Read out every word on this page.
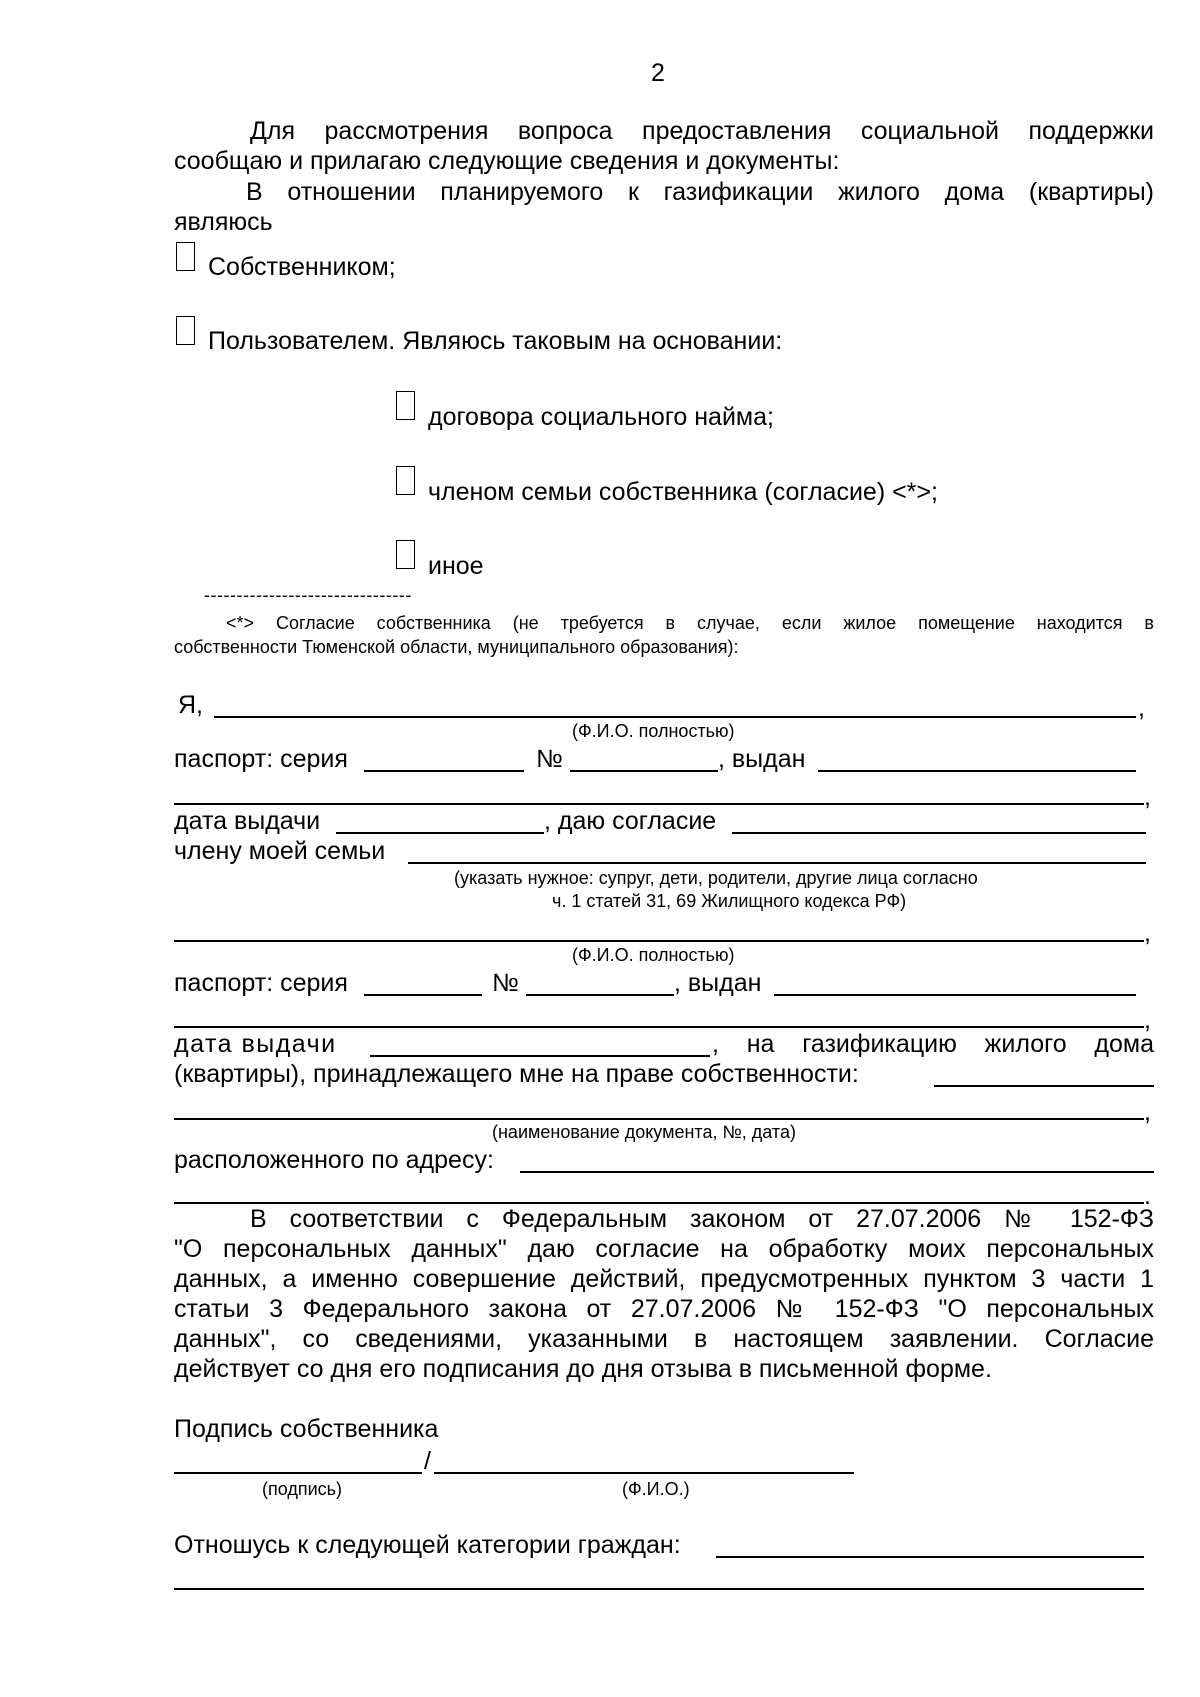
2
Для рассмотрения вопроса предоставления социальной поддержки
сообщаю и прилагаю следующие сведения и документы:
В отношении планируемого к газификации жилого дома (квартиры)
являюсь
Собственником;
Пользователем. Являюсь таковым на основании:
договора социального найма;
членом семьи собственника (согласие) <*>;
иное
--------------------------------
<*> Согласие собственника (не требуется в случае, если жилое помещение находится в
собственности Тюменской области, муниципального образования):
Я,	,
(Ф.И.О. полностью)
паспорт: серия	№	, выдан
,
дата выдачи	, даю согласие
члену моей семьи
(указать нужное: супруг, дети, родители, другие лица согласно
ч. 1 статей 31, 69 Жилищного кодекса РФ)
,
(Ф.И.О. полностью)
паспорт: серия	№	, выдан
,
дата выдачи	, на газификацию жилого дома
(квартиры), принадлежащего мне на праве собственности:
,
(наименование документа, №, дата)
расположенного по адресу:
.
В соответствии с Федеральным законом от 27.07.2006 № 152-ФЗ
"О персональных данных" даю согласие на обработку моих персональных
данных, а именно совершение действий, предусмотренных пунктом 3 части 1
статьи 3 Федерального закона от 27.07.2006 № 152-ФЗ "О персональных
данных", со сведениями, указанными в настоящем заявлении. Согласие
действует со дня его подписания до дня отзыва в письменной форме.
Подпись собственника
/
(подпись)	(Ф.И.О.)
Отношусь к следующей категории граждан:
